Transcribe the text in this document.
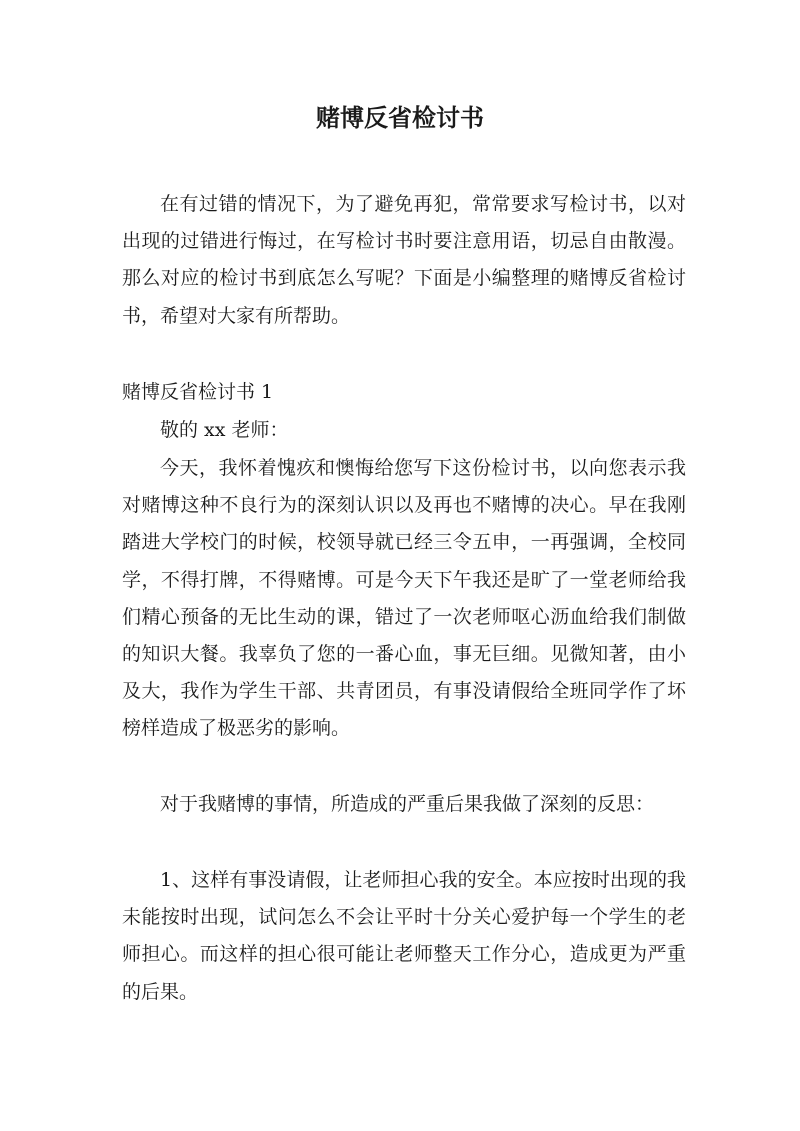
赌博反省检讨书

在有过错的情况下，为了避免再犯，常常要求写检讨书，以对出现的过错进行悔过，在写检讨书时要注意用语，切忌自由散漫。那么对应的检讨书到底怎么写呢？下面是小编整理的赌博反省检讨书，希望对大家有所帮助。

赌博反省检讨书 1

敬的 xx 老师：

今天，我怀着愧疚和懊悔给您写下这份检讨书，以向您表示我对赌博这种不良行为的深刻认识以及再也不赌博的决心。早在我刚踏进大学校门的时候，校领导就已经三令五申，一再强调，全校同学，不得打牌，不得赌博。可是今天下午我还是旷了一堂老师给我们精心预备的无比生动的课，错过了一次老师呕心沥血给我们制做的知识大餐。我辜负了您的一番心血，事无巨细。见微知著，由小及大，我作为学生干部、共青团员，有事没请假给全班同学作了坏榜样造成了极恶劣的影响。

对于我赌博的事情，所造成的严重后果我做了深刻的反思：

1、这样有事没请假，让老师担心我的安全。本应按时出现的我未能按时出现，试问怎么不会让平时十分关心爱护每一个学生的老师担心。而这样的担心很可能让老师整天工作分心，造成更为严重的后果。
